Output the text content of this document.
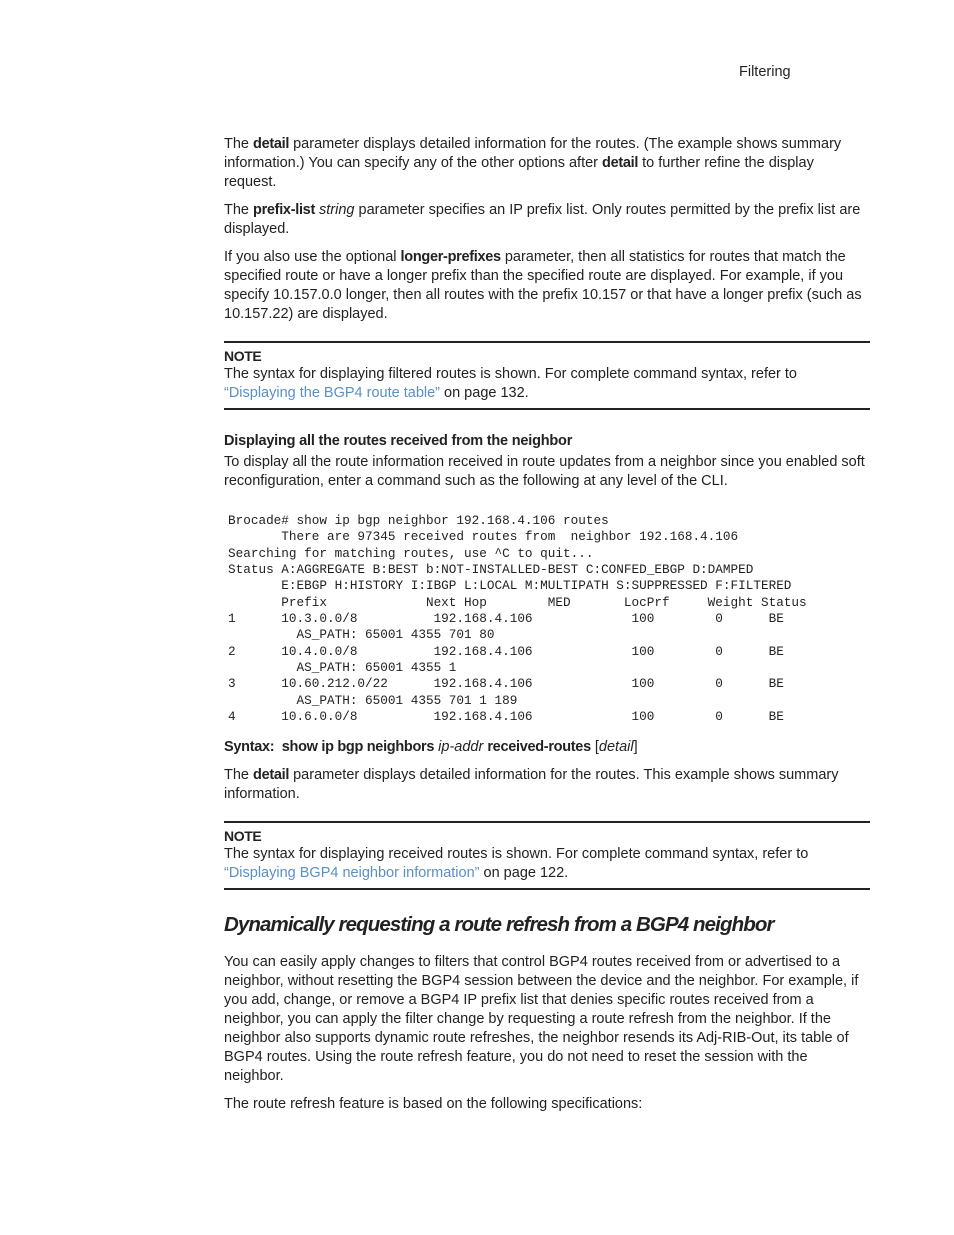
Filtering

The detail parameter displays detailed information for the routes. (The example shows summary information.) You can specify any of the other options after detail to further refine the display request.

The prefix-list string parameter specifies an IP prefix list. Only routes permitted by the prefix list are displayed.

If you also use the optional longer-prefixes parameter, then all statistics for routes that match the specified route or have a longer prefix than the specified route are displayed. For example, if you specify 10.157.0.0 longer, then all routes with the prefix 10.157 or that have a longer prefix (such as 10.157.22) are displayed.

NOTE
The syntax for displaying filtered routes is shown. For complete command syntax, refer to “Displaying the BGP4 route table” on page 132.
Displaying all the routes received from the neighbor

To display all the route information received in route updates from a neighbor since you enabled soft reconfiguration, enter a command such as the following at any level of the CLI.

Brocade# show ip bgp neighbor 192.168.4.106 routes
There are 97345 received routes from  neighbor 192.168.4.106
Searching for matching routes, use ^C to quit...
Status A:AGGREGATE B:BEST b:NOT-INSTALLED-BEST C:CONFED_EBGP D:DAMPED
E:EBGP H:HISTORY I:IBGP L:LOCAL M:MULTIPATH S:SUPPRESSED F:FILTERED
Prefix             Next Hop        MED       LocPrf     Weight Status
1      10.3.0.0/8          192.168.4.106             100        0      BE
AS_PATH: 65001 4355 701 80
2      10.4.0.0/8          192.168.4.106             100        0      BE
AS_PATH: 65001 4355 1
3      10.60.212.0/22      192.168.4.106             100        0      BE
AS_PATH: 65001 4355 701 1 189
4      10.6.0.0/8          192.168.4.106             100        0      BE

Syntax:  show ip bgp neighbors ip-addr received-routes [detail]

The detail parameter displays detailed information for the routes. This example shows summary information.

NOTE
The syntax for displaying received routes is shown. For complete command syntax, refer to “Displaying BGP4 neighbor information” on page 122.
Dynamically requesting a route refresh from a BGP4 neighbor

You can easily apply changes to filters that control BGP4 routes received from or advertised to a neighbor, without resetting the BGP4 session between the device and the neighbor. For example, if you add, change, or remove a BGP4 IP prefix list that denies specific routes received from a neighbor, you can apply the filter change by requesting a route refresh from the neighbor. If the neighbor also supports dynamic route refreshes, the neighbor resends its Adj-RIB-Out, its table of BGP4 routes. Using the route refresh feature, you do not need to reset the session with the neighbor.

The route refresh feature is based on the following specifications:
